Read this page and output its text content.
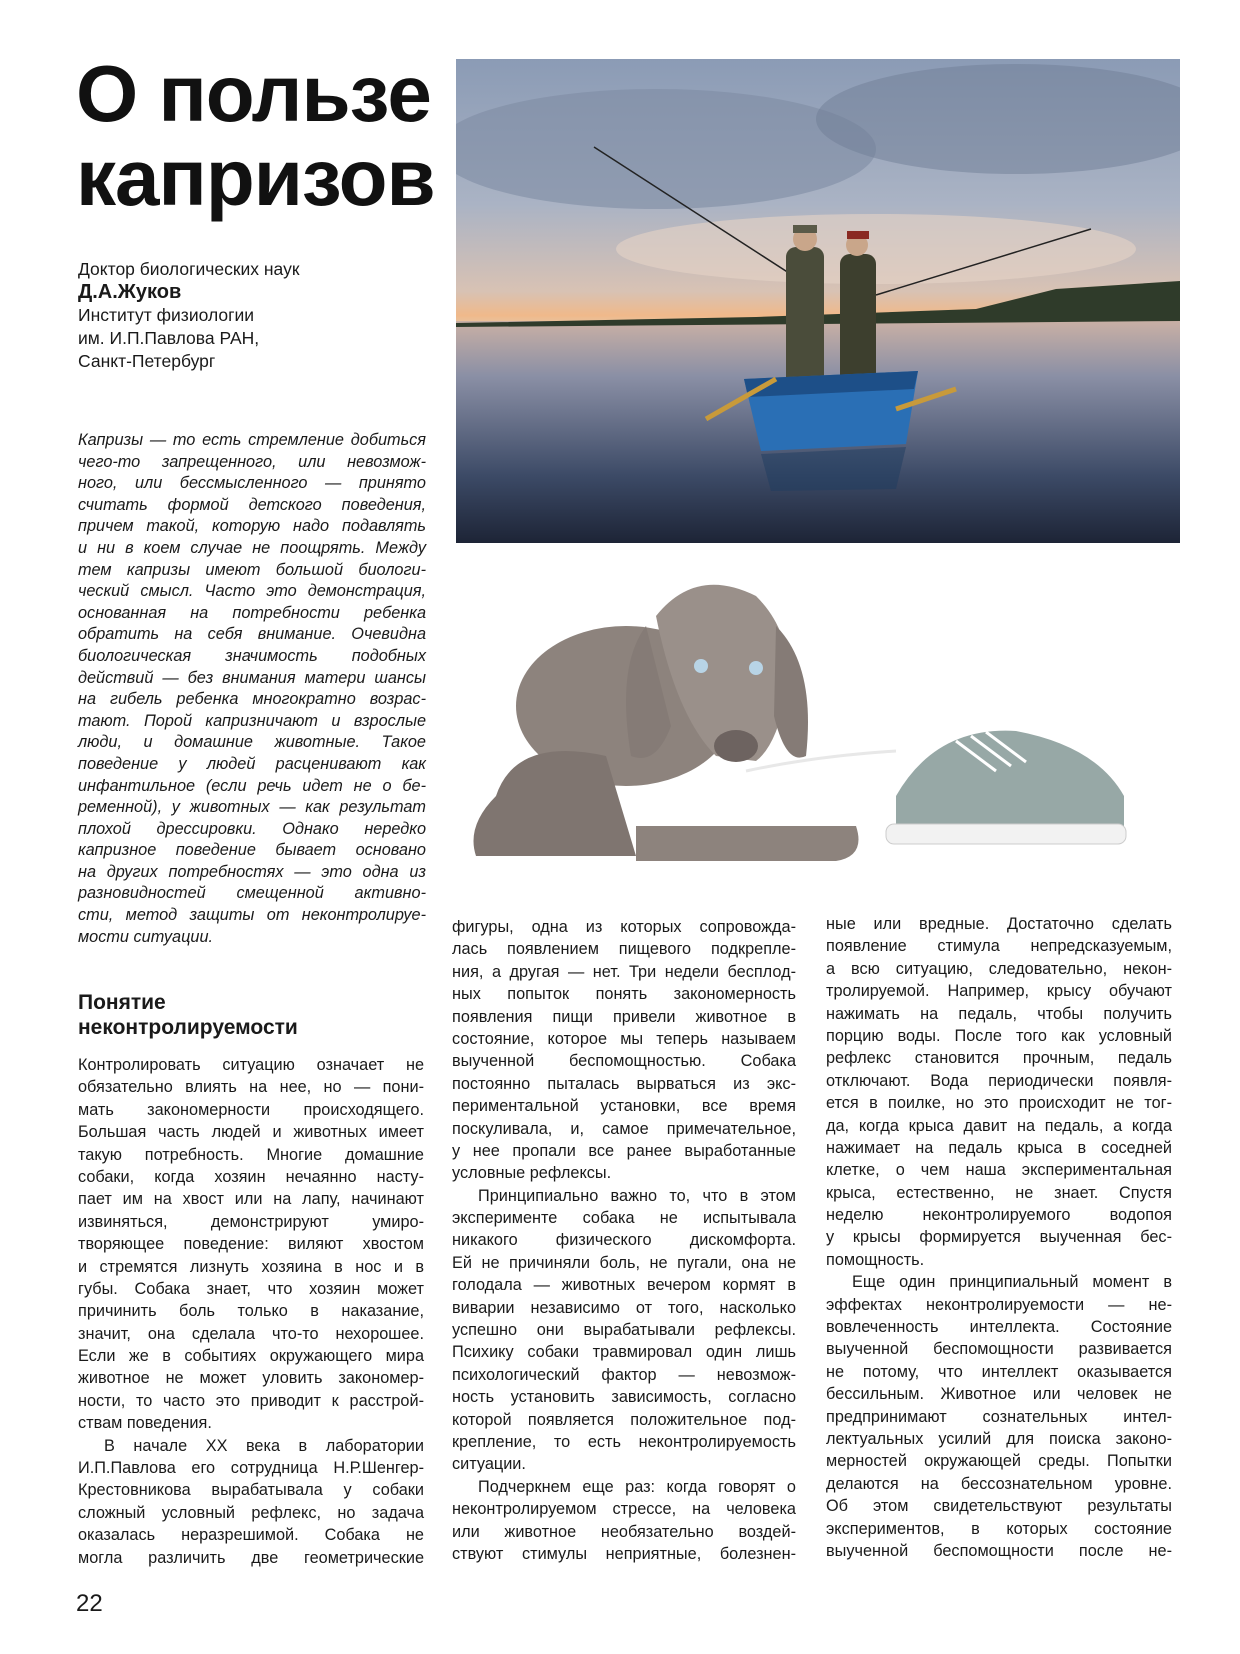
О пользе
капризов
Доктор биологических наук
Д.А.Жуков
Институт физиологии
им. И.П.Павлова РАН,
Санкт-Петербург
Капризы — то есть стремление добиться
чего-то запрещенного, или невозмож-
ного, или бессмысленного — принято
считать формой детского поведения,
причем такой, которую надо подавлять
и ни в коем случае не поощрять. Между
тем капризы имеют большой биологи-
ческий смысл. Часто это демонстрация,
основанная на потребности ребенка
обратить на себя внимание. Очевидна
биологическая значимость подобных
действий — без внимания матери шансы
на гибель ребенка многократно возрас-
тают. Порой капризничают и взрослые
люди, и домашние животные. Такое
поведение у людей расценивают как
инфантильное (если речь идет не о бе-
ременной), у животных — как результат
плохой дрессировки. Однако нередко
капризное поведение бывает основано
на других потребностях — это одна из
разновидностей смещенной активно-
сти, метод защиты от неконтролируе-
мости ситуации.
Понятие
неконтролируемости
Контролировать ситуацию означает не
обязательно влиять на нее, но — пони-
мать закономерности происходящего.
Большая часть людей и животных имеет
такую потребность. Многие домашние
собаки, когда хозяин нечаянно насту-
пает им на хвост или на лапу, начинают
извиняться, демонстрируют умиро-
творяющее поведение: виляют хвостом
и стремятся лизнуть хозяина в нос и в
губы. Собака знает, что хозяин может
причинить боль только в наказание,
значит, она сделала что-то нехорошее.
Если же в событиях окружающего мира
животное не может уловить закономер-
ности, то часто это приводит к расстрой-
ствам поведения.
В начале XX века в лаборатории
И.П.Павлова его сотрудница Н.Р.Шенгер-
Крестовникова вырабатывала у собаки
сложный условный рефлекс, но задача
оказалась неразрешимой. Собака не
могла различить две геометрические
фигуры, одна из которых сопровожда-
лась появлением пищевого подкрепле-
ния, а другая — нет. Три недели бесплод-
ных попыток понять закономерность
появления пищи привели животное в
состояние, которое мы теперь называем
выученной беспомощностью. Собака
постоянно пыталась вырваться из экс-
периментальной установки, все время
поскуливала, и, самое примечательное,
у нее пропали все ранее выработанные
условные рефлексы.
Принципиально важно то, что в этом
эксперименте собака не испытывала
никакого физического дискомфорта.
Ей не причиняли боль, не пугали, она не
голодала — животных вечером кормят в
виварии независимо от того, насколько
успешно они вырабатывали рефлексы.
Психику собаки травмировал один лишь
психологический фактор — невозмож-
ность установить зависимость, согласно
которой появляется положительное под-
крепление, то есть неконтролируемость
ситуации.
Подчеркнем еще раз: когда говорят о
неконтролируемом стрессе, на человека
или животное необязательно воздей-
ствуют стимулы неприятные, болезнен-
ные или вредные. Достаточно сделать
появление стимула непредсказуемым,
а всю ситуацию, следовательно, некон-
тролируемой. Например, крысу обучают
нажимать на педаль, чтобы получить
порцию воды. После того как условный
рефлекс становится прочным, педаль
отключают. Вода периодически появля-
ется в поилке, но это происходит не тог-
да, когда крыса давит на педаль, а когда
нажимает на педаль крыса в соседней
клетке, о чем наша экспериментальная
крыса, естественно, не знает. Спустя
неделю неконтролируемого водопоя
у крысы формируется выученная бес-
помощность.
Еще один принципиальный момент в
эффектах неконтролируемости — не-
вовлеченность интеллекта. Состояние
выученной беспомощности развивается
не потому, что интеллект оказывается
бессильным. Животное или человек не
предпринимают сознательных интел-
лектуальных усилий для поиска законо-
мерностей окружающей среды. Попытки
делаются на бессознательном уровне.
Об этом свидетельствуют результаты
экспериментов, в которых состояние
выученной беспомощности после не-
22
